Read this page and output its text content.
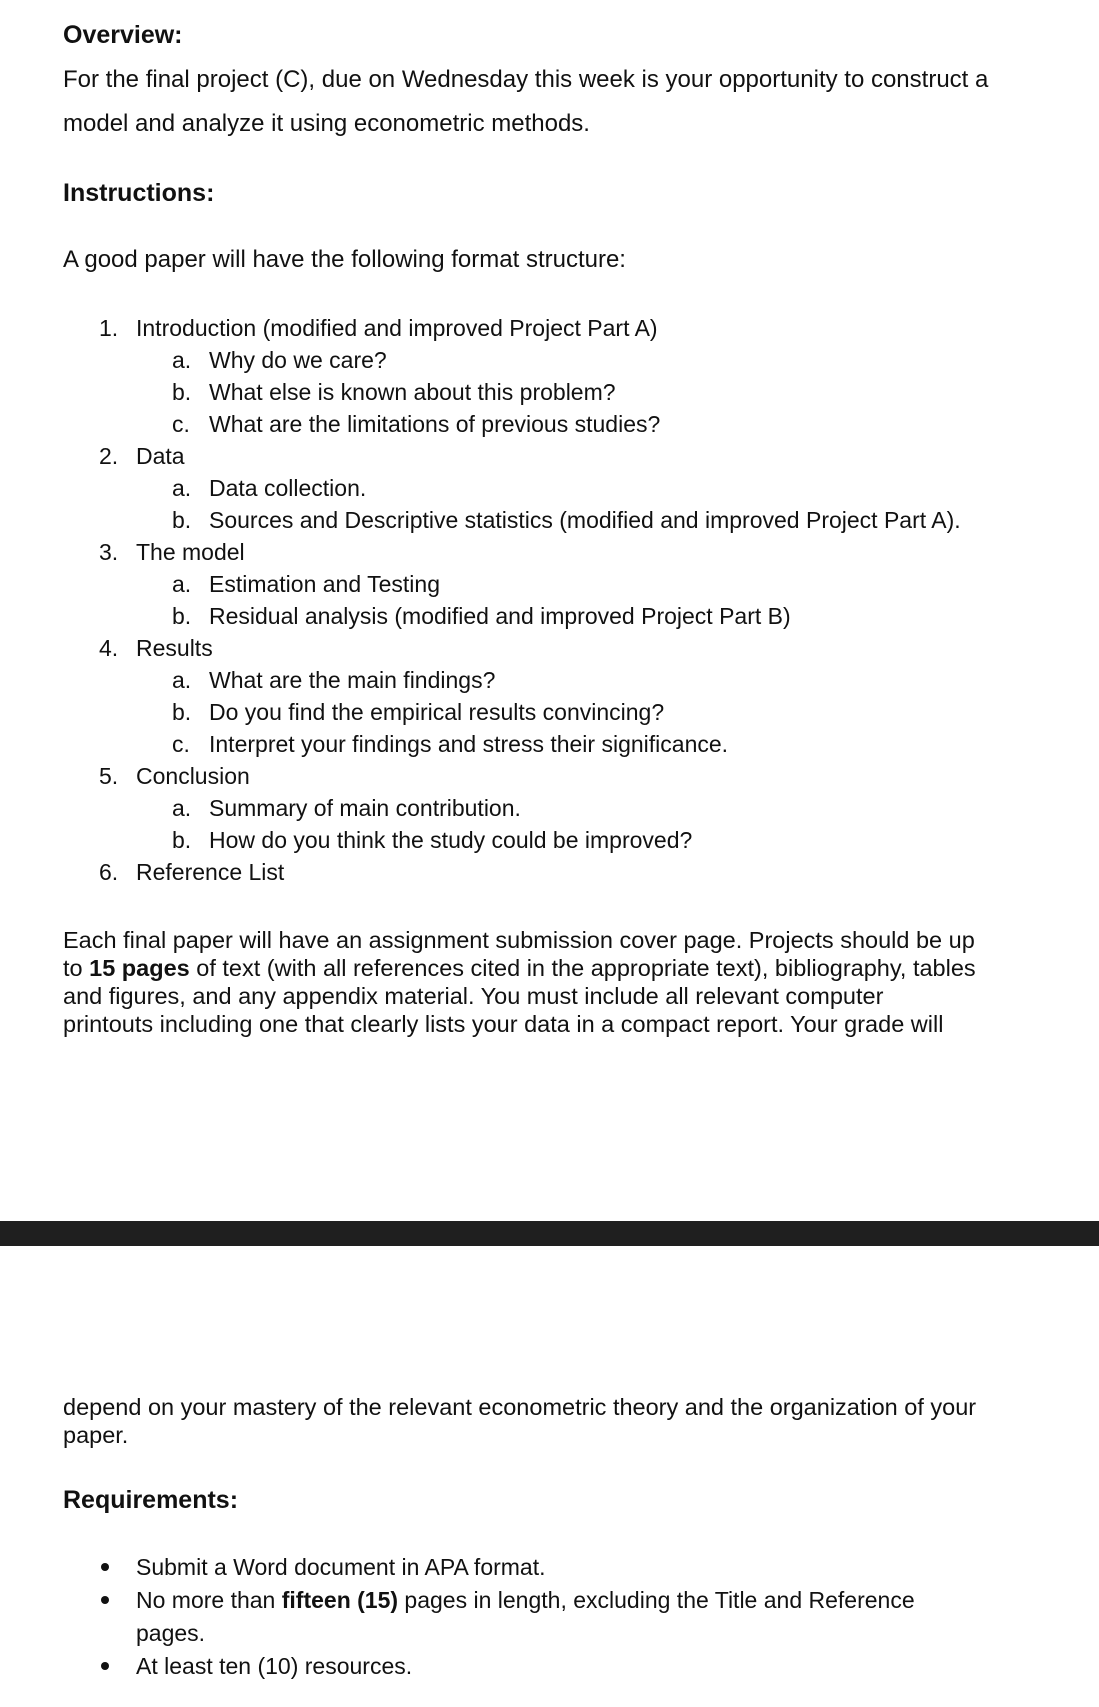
Overview:
For the final project (C), due on Wednesday this week is your opportunity to construct a
model and analyze it using econometric methods.
Instructions:
A good paper will have the following format structure:
1. Introduction (modified and improved Project Part A)
a. Why do we care?
b. What else is known about this problem?
c. What are the limitations of previous studies?
2. Data
a. Data collection.
b. Sources and Descriptive statistics (modified and improved Project Part A).
3. The model
a. Estimation and Testing
b. Residual analysis (modified and improved Project Part B)
4. Results
a. What are the main findings?
b. Do you find the empirical results convincing?
c. Interpret your findings and stress their significance.
5. Conclusion
a. Summary of main contribution.
b. How do you think the study could be improved?
6. Reference List
Each final paper will have an assignment submission cover page. Projects should be up
to 15 pages of text (with all references cited in the appropriate text), bibliography, tables
and figures, and any appendix material. You must include all relevant computer
printouts including one that clearly lists your data in a compact report. Your grade will
depend on your mastery of the relevant econometric theory and the organization of your
paper.
Requirements:
Submit a Word document in APA format.
No more than fifteen (15) pages in length, excluding the Title and Reference
pages.
At least ten (10) resources.
